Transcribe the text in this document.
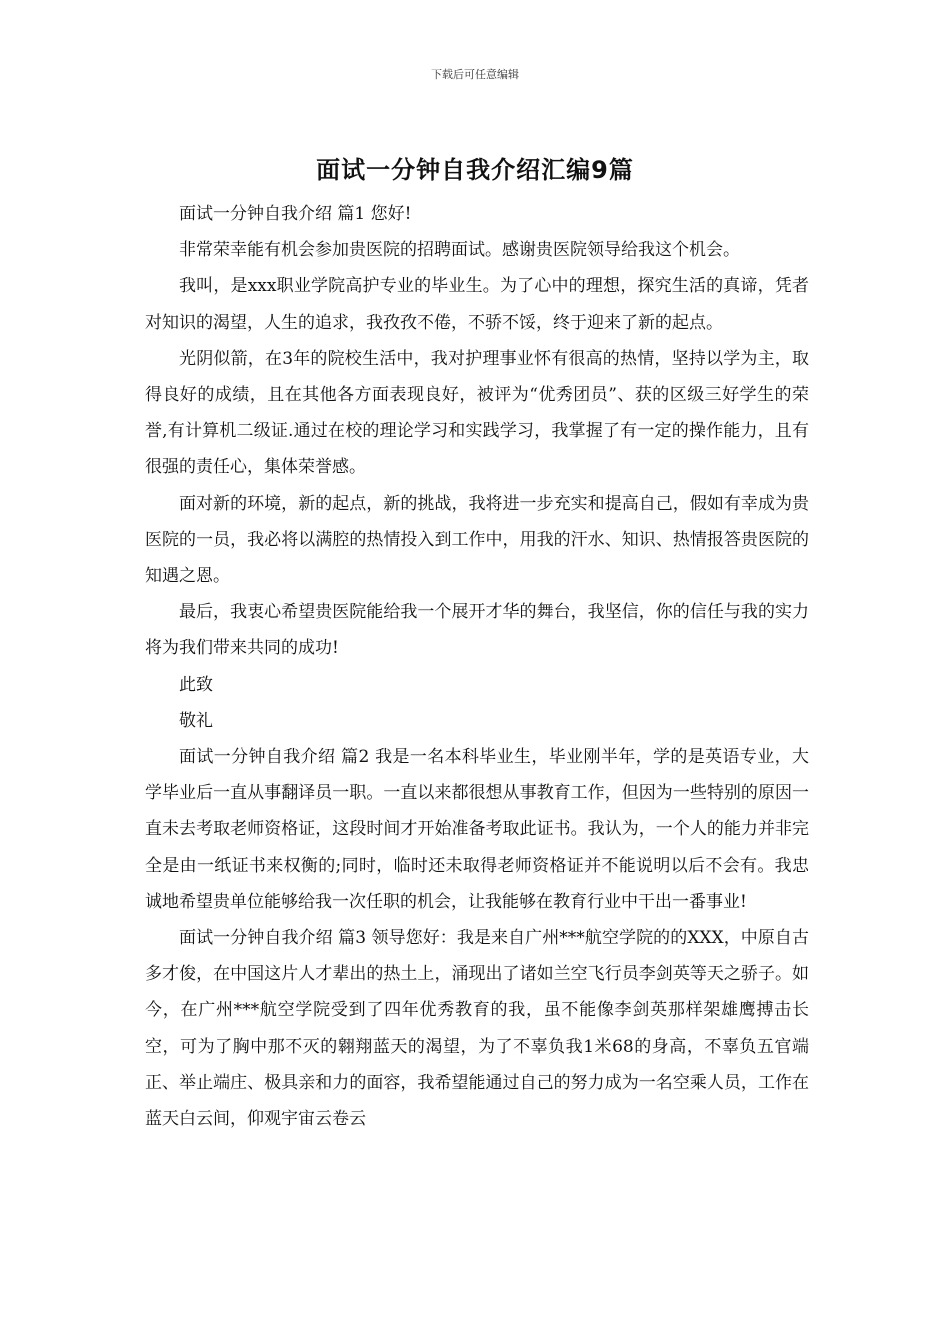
下载后可任意编辑
面试一分钟自我介绍汇编9篇

面试一分钟自我介绍 篇1 您好!

非常荣幸能有机会参加贵医院的招聘面试。感谢贵医院领导给我这个机会。

我叫，是xxx职业学院高护专业的毕业生。为了心中的理想，探究生活的真谛，凭者对知识的渴望，人生的追求，我孜孜不倦，不骄不馁，终于迎来了新的起点。

光阴似箭，在3年的院校生活中，我对护理事业怀有很高的热情，坚持以学为主，取得良好的成绩，且在其他各方面表现良好，被评为“优秀团员”、获的区级三好学生的荣誉,有计算机二级证.通过在校的理论学习和实践学习，我掌握了有一定的操作能力，且有很强的责任心，集体荣誉感。

面对新的环境，新的起点，新的挑战，我将进一步充实和提高自己，假如有幸成为贵医院的一员，我必将以满腔的热情投入到工作中，用我的汗水、知识、热情报答贵医院的知遇之恩。

最后，我衷心希望贵医院能给我一个展开才华的舞台，我坚信，你的信任与我的实力将为我们带来共同的成功!

此致

敬礼

面试一分钟自我介绍 篇2 我是一名本科毕业生，毕业刚半年，学的是英语专业，大学毕业后一直从事翻译员一职。一直以来都很想从事教育工作，但因为一些特别的原因一直未去考取老师资格证，这段时间才开始准备考取此证书。我认为，一个人的能力并非完全是由一纸证书来权衡的;同时，临时还未取得老师资格证并不能说明以后不会有。我忠诚地希望贵单位能够给我一次任职的机会，让我能够在教育行业中干出一番事业!

面试一分钟自我介绍 篇3 领导您好：我是来自广州***航空学院的的XXX，中原自古多才俊，在中国这片人才辈出的热土上，涌现出了诸如兰空飞行员李剑英等天之骄子。如今，在广州***航空学院受到了四年优秀教育的我，虽不能像李剑英那样架雄鹰搏击长空，可为了胸中那不灭的翱翔蓝天的渴望，为了不辜负我1米68的身高，不辜负五官端正、举止端庄、极具亲和力的面容，我希望能通过自己的努力成为一名空乘人员，工作在蓝天白云间，仰观宇宙云卷云
